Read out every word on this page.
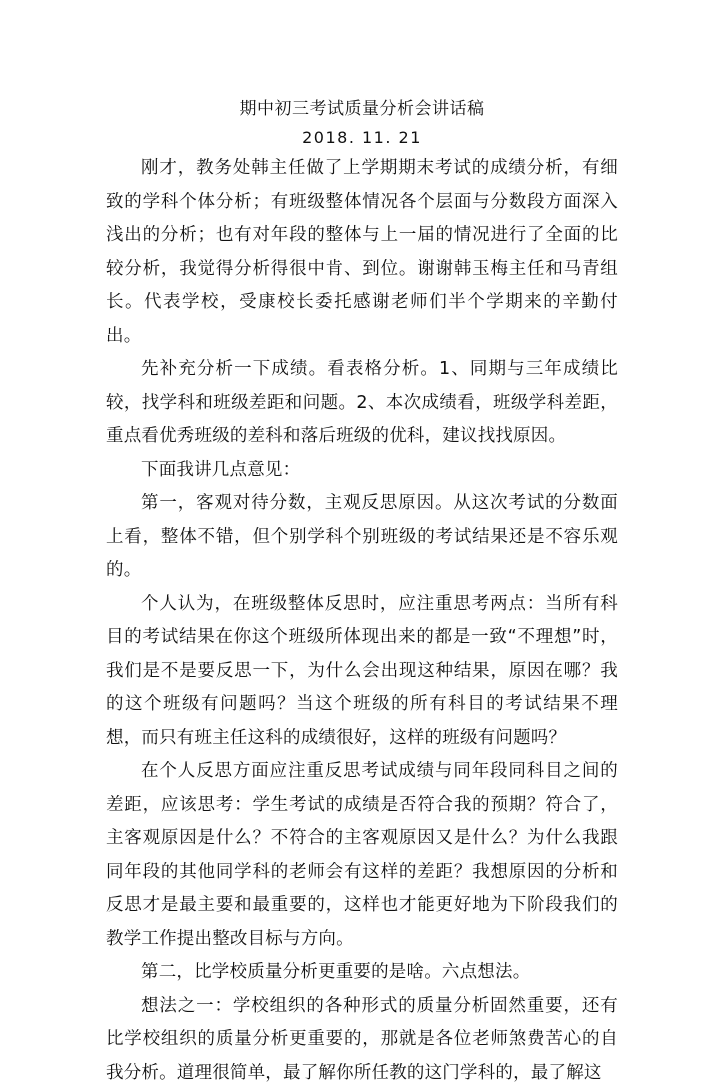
期中初三考试质量分析会讲话稿
2018. 11. 21

刚才，教务处韩主任做了上学期期末考试的成绩分析，有细致的学科个体分析；有班级整体情况各个层面与分数段方面深入浅出的分析；也有对年段的整体与上一届的情况进行了全面的比较分析，我觉得分析得很中肯、到位。谢谢韩玉梅主任和马青组长。代表学校，受康校长委托感谢老师们半个学期来的辛勤付出。

先补充分析一下成绩。看表格分析。1、同期与三年成绩比较，找学科和班级差距和问题。2、本次成绩看，班级学科差距，重点看优秀班级的差科和落后班级的优科，建议找找原因。

下面我讲几点意见：

第一，客观对待分数，主观反思原因。从这次考试的分数面上看，整体不错，但个别学科个别班级的考试结果还是不容乐观的。

个人认为，在班级整体反思时，应注重思考两点：当所有科目的考试结果在你这个班级所体现出来的都是一致“不理想”时，我们是不是要反思一下，为什么会出现这种结果，原因在哪？我的这个班级有问题吗？当这个班级的所有科目的考试结果不理想，而只有班主任这科的成绩很好，这样的班级有问题吗？

在个人反思方面应注重反思考试成绩与同年段同科目之间的差距，应该思考：学生考试的成绩是否符合我的预期？符合了，主客观原因是什么？不符合的主客观原因又是什么？为什么我跟同年段的其他同学科的老师会有这样的差距？我想原因的分析和反思才是最主要和最重要的，这样也才能更好地为下阶段我们的教学工作提出整改目标与方向。

第二，比学校质量分析更重要的是啥。六点想法。

想法之一：学校组织的各种形式的质量分析固然重要，还有比学校组织的质量分析更重要的，那就是各位老师煞费苦心的自我分析。道理很简单，最了解你所任教的这门学科的，最了解这
